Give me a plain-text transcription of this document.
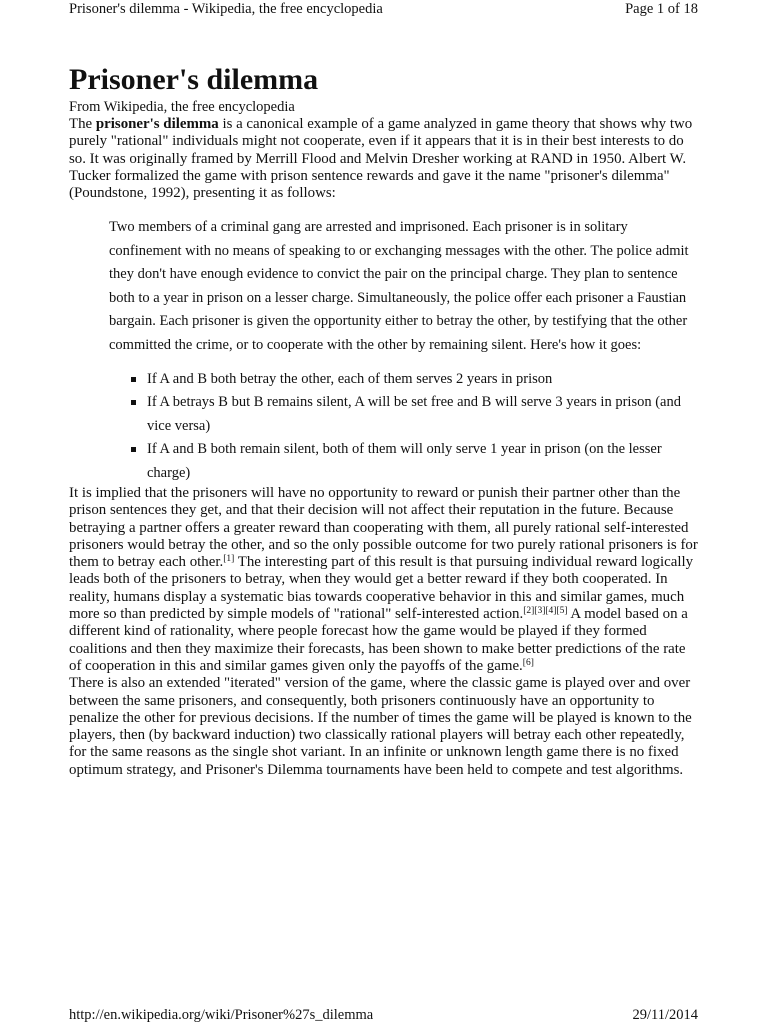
Prisoner's dilemma - Wikipedia, the free encyclopedia	Page 1 of 18
Prisoner's dilemma
From Wikipedia, the free encyclopedia

The prisoner's dilemma is a canonical example of a game analyzed in game theory that shows why two purely "rational" individuals might not cooperate, even if it appears that it is in their best interests to do so. It was originally framed by Merrill Flood and Melvin Dresher working at RAND in 1950. Albert W. Tucker formalized the game with prison sentence rewards and gave it the name "prisoner's dilemma" (Poundstone, 1992), presenting it as follows:

Two members of a criminal gang are arrested and imprisoned. Each prisoner is in solitary confinement with no means of speaking to or exchanging messages with the other. The police admit they don't have enough evidence to convict the pair on the principal charge. They plan to sentence both to a year in prison on a lesser charge. Simultaneously, the police offer each prisoner a Faustian bargain. Each prisoner is given the opportunity either to betray the other, by testifying that the other committed the crime, or to cooperate with the other by remaining silent. Here's how it goes:

If A and B both betray the other, each of them serves 2 years in prison
If A betrays B but B remains silent, A will be set free and B will serve 3 years in prison (and vice versa)
If A and B both remain silent, both of them will only serve 1 year in prison (on the lesser charge)

It is implied that the prisoners will have no opportunity to reward or punish their partner other than the prison sentences they get, and that their decision will not affect their reputation in the future. Because betraying a partner offers a greater reward than cooperating with them, all purely rational self-interested prisoners would betray the other, and so the only possible outcome for two purely rational prisoners is for them to betray each other.[1] The interesting part of this result is that pursuing individual reward logically leads both of the prisoners to betray, when they would get a better reward if they both cooperated. In reality, humans display a systematic bias towards cooperative behavior in this and similar games, much more so than predicted by simple models of "rational" self-interested action.[2][3][4][5] A model based on a different kind of rationality, where people forecast how the game would be played if they formed coalitions and then they maximize their forecasts, has been shown to make better predictions of the rate of cooperation in this and similar games given only the payoffs of the game.[6]

There is also an extended "iterated" version of the game, where the classic game is played over and over between the same prisoners, and consequently, both prisoners continuously have an opportunity to penalize the other for previous decisions. If the number of times the game will be played is known to the players, then (by backward induction) two classically rational players will betray each other repeatedly, for the same reasons as the single shot variant. In an infinite or unknown length game there is no fixed optimum strategy, and Prisoner's Dilemma tournaments have been held to compete and test algorithms.

http://en.wikipedia.org/wiki/Prisoner%27s_dilemma	29/11/2014
